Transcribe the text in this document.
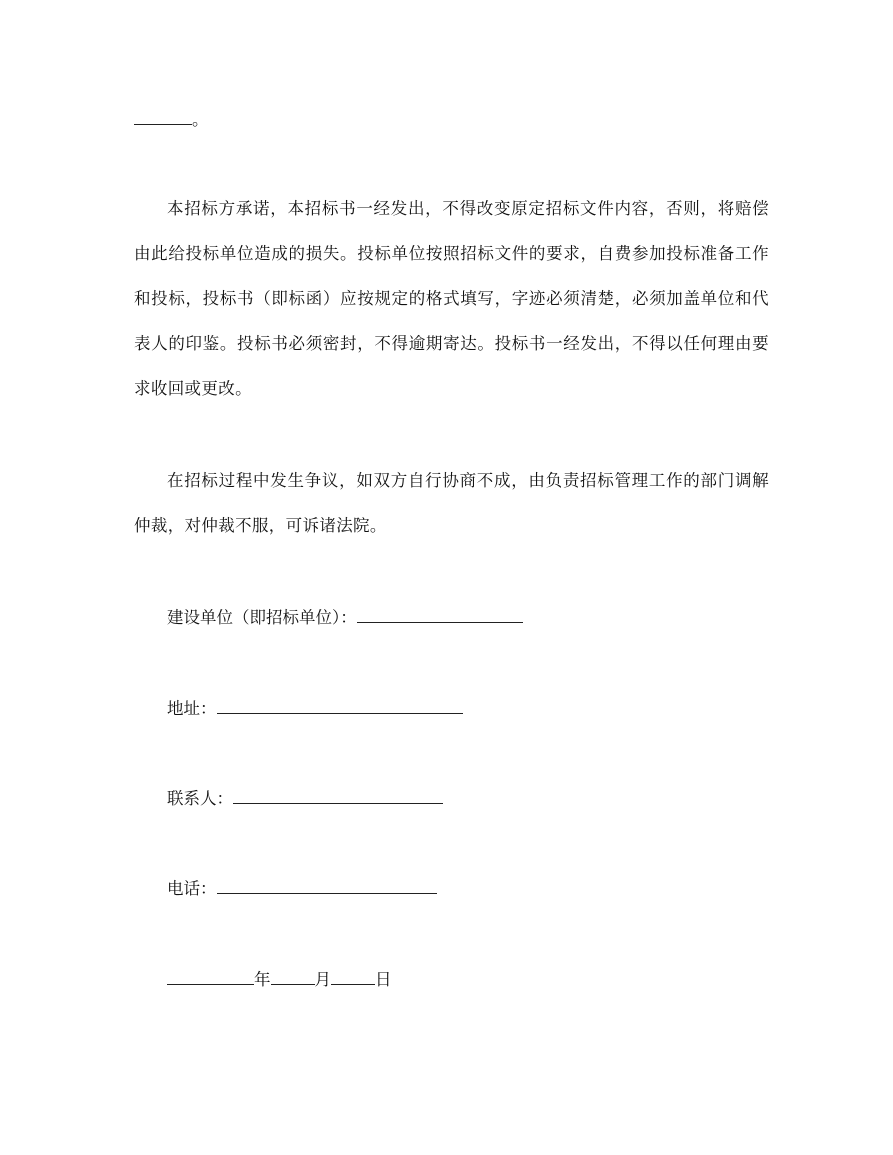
。

本招标方承诺，本招标书一经发出，不得改变原定招标文件内容，否则，将赔偿由此给投标单位造成的损失。投标单位按照招标文件的要求，自费参加投标准备工作和投标，投标书（即标函）应按规定的格式填写，字迹必须清楚，必须加盖单位和代表人的印鉴。投标书必须密封，不得逾期寄达。投标书一经发出，不得以任何理由要求收回或更改。

在招标过程中发生争议，如双方自行协商不成，由负责招标管理工作的部门调解仲裁，对仲裁不服，可诉诸法院。

建设单位（即招标单位）：
地址：
联系人：
电话：
年	月	日
